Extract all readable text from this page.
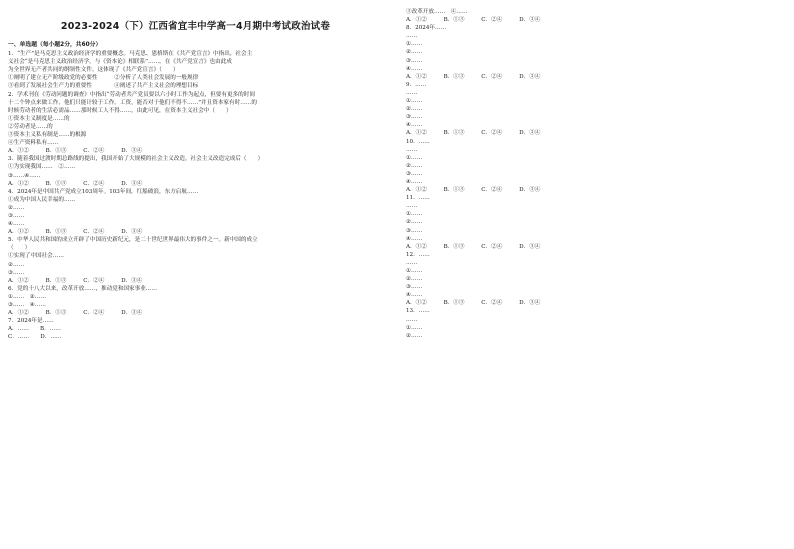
2023-2024（下）江西省宜丰中学高一4月期中考试政治试卷
一、单选题（每小题2分，共60分）
1．“生产”是马克思主义政治经济学的重要概念。马克思、恩格斯在《共产党宣言》中指出，社会主
义社会“是马克思主义政治经济学，与《资本论》相联系”……。在《共产党宣言》也由此成
为全世界无产者共同的纲领性文件。这体现了《共产党宣言》（　　）
①阐明了建立无产阶级政党的必要性　　　②分析了人类社会发展的一般规律
③看到了发展社会生产力的重要性　　　　④阐述了共产主义社会的理想目标
2．学术刊在《劳动问题的调查》中指出“劳动者共产党员要以六小时工作为起点，但要有更多的时间
十二个钟点来做工作，他们只能计较于工作。工资，能否对于他们不得不……”并且资本家有时……的
时候劳动者的生活必需品……那时候工人不得……，由此可见，在资本主义社会中（　　）
①资本主义制度是……的
②劳动者是……的
③资本主义私有制是……的根源
④生产资料私有……
A．①②　　　B．①③　　　C．②④　　　D．③④
3．随着我国过渡时期总路线的提出，我国开始了大规模的社会主义改造。社会主义改造完成后（　　）
①为实现我国……　②……
③……④……
A．①②　　　B．①③　　　C．②④　　　D．③④
4．2024年是中国共产党成立103周年。103年间，红船破浪，东方启航……
①成为中国人民幸福的……
②……
③……
④……
A．①②　　　B．①③　　　C．②④　　　D．③④
5．中华人民共和国的成立开辟了中国历史新纪元，是二十世纪世界最伟大的事件之一。新中国的成立
（　　）
①实现了中国社会……
②……
③……
A．①②　　　B．①③　　　C．②④　　　D．③④
6．党的十八大以来，改革开放……，推动党和国家事业……
①……　②……
③……　④……
A．①②　　　B．①③　　　C．②④　　　D．③④
7．2024年是……
A．……　　B．……
C．……　　D．……
③改革开放……　④……
A．①②　　　B．①③　　　C．②④　　　D．③④
8．2024年……
……
①……
②……
③……
④……
A．①②　　　B．①③　　　C．②④　　　D．③④
9．……
……
①……
②……
③……
④……
A．①②　　　B．①③　　　C．②④　　　D．③④
10．……
……
①……
②……
③……
④……
A．①②　　　B．①③　　　C．②④　　　D．③④
11．……
……
①……
②……
③……
④……
A．①②　　　B．①③　　　C．②④　　　D．③④
12．……
……
①……
②……
③……
④……
A．①②　　　B．①③　　　C．②④　　　D．③④
13．……
……
①……
②……
